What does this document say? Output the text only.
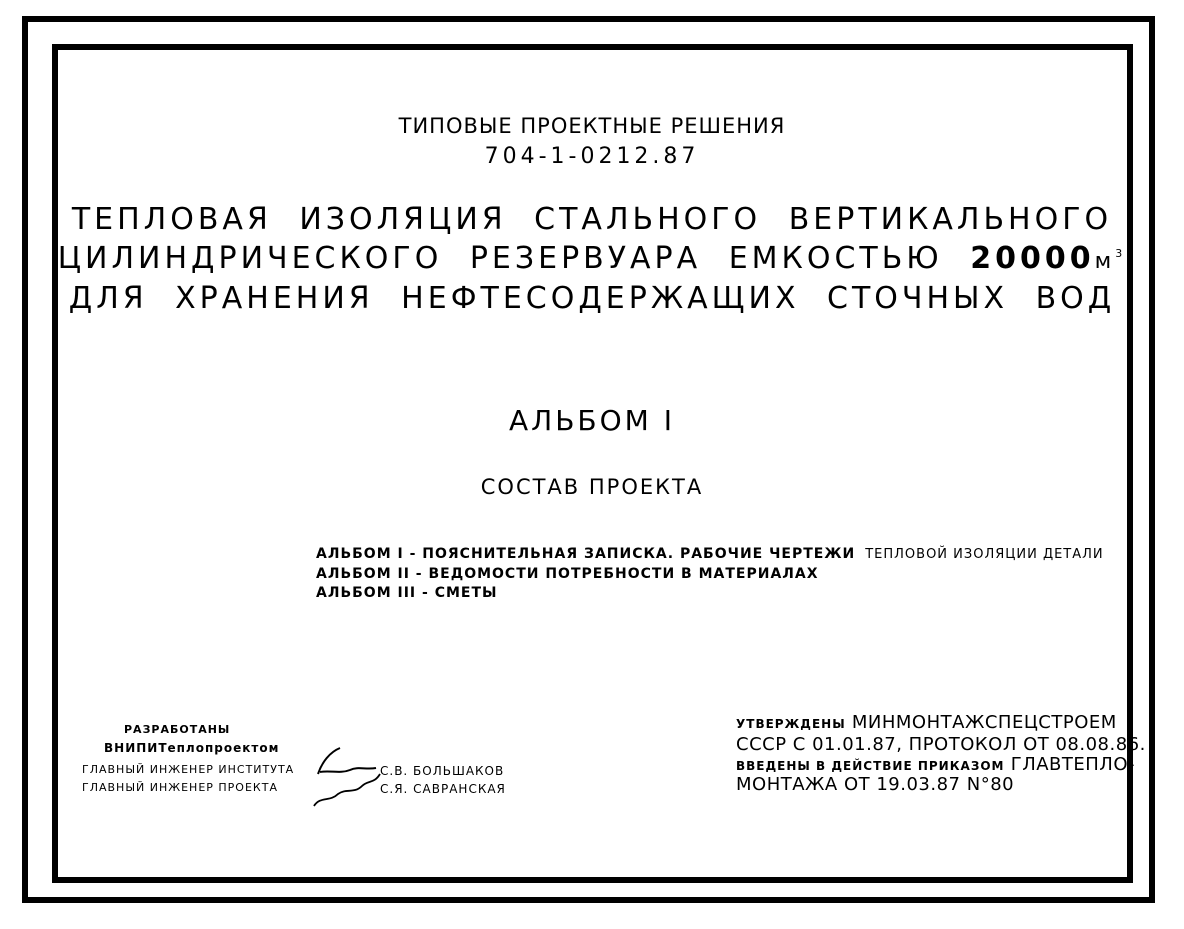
ТИПОВЫЕ ПРОЕКТНЫЕ РЕШЕНИЯ
704-1-0212.87
ТЕПЛОВАЯ ИЗОЛЯЦИЯ СТАЛЬНОГО ВЕРТИКАЛЬНОГО
ЦИЛИНДРИЧЕСКОГО РЕЗЕРВУАРА ЕМКОСТЬЮ $20000м^3$
ДЛЯ ХРАНЕНИЯ НЕФТЕСОДЕРЖАЩИХ СТОЧНЫХ ВОД
АЛЬБОМ I
СОСТАВ ПРОЕКТА
АЛЬБОМ I - ПОЯСНИТЕЛЬНАЯ ЗАПИСКА. РАБОЧИЕ ЧЕРТЕЖИ ТЕПЛОВОЙ ИЗОЛЯЦИИ ДЕТАЛИ
АЛЬБОМ II - ВЕДОМОСТИ ПОТРЕБНОСТИ В МАТЕРИАЛАХ
АЛЬБОМ III - СМЕТЫ
РАЗРАБОТАНЫ
ВНИПИТеплопроектом
ГЛАВНЫЙ ИНЖЕНЕР ИНСТИТУТА
ГЛАВНЫЙ ИНЖЕНЕР ПРОЕКТА
С.В. БОЛЬШАКОВ
С.Я. САВРАНСКАЯ
УТВЕРЖДЕНЫ МИНМОНТАЖСПЕЦСТРОЕМ
СССР С 01.01.87, ПРОТОКОЛ ОТ 08.08.86.
ВВЕДЕНЫ В ДЕЙСТВИЕ ПРИКАЗОМ ГЛАВТЕПЛО-
МОНТАЖА ОТ 19.03.87 N°80
